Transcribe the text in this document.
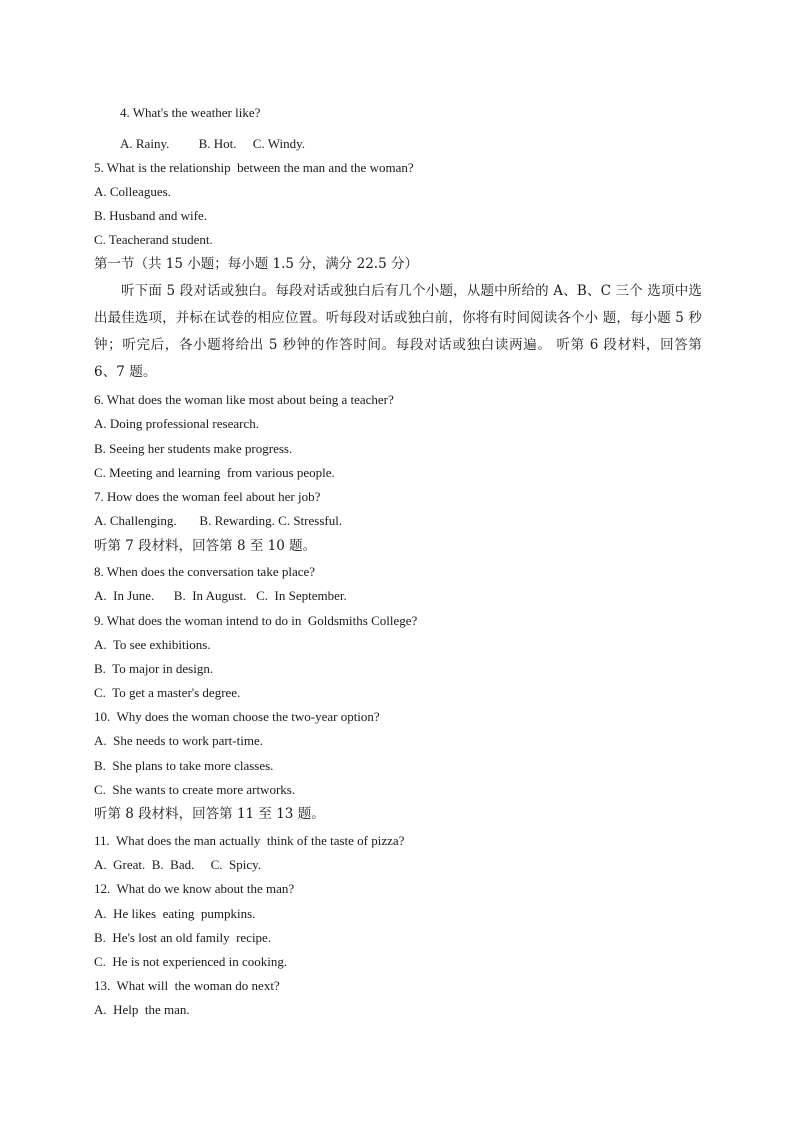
4. What's the weather like?
A. Rainy.         B. Hot.     C. Windy.
5. What is the relationship  between the man and the woman?
A. Colleagues.
B. Husband and wife.
C. Teacherand student.
第一节（共 15 小题；每小题 1.5 分，满分 22.5 分）
听下面 5 段对话或独白。每段对话或独白后有几个小题，从题中所给的 A、B、C 三个 选项中选出最佳选项，并标在试卷的相应位置。听每段对话或独白前，你将有时间阅读各个小 题，每小题 5 秒钟；听完后，各小题将给出 5 秒钟的作答时间。每段对话或独白读两遍。 听第 6 段材料，回答第 6、7 题。
6. What does the woman like most about being a teacher?
A. Doing professional research.
B. Seeing her students make progress.
C. Meeting and learning  from various people.
7. How does the woman feel about her job?
A. Challenging.       B. Rewarding. C. Stressful.
听第 7 段材料，回答第 8 至 10 题。
8. When does the conversation take place?
A.  In June.      B.  In August.   C.  In September.
9. What does the woman intend to do in  Goldsmiths College?
A.  To see exhibitions.
B.  To major in design.
C.  To get a master's degree.
10.  Why does the woman choose the two-year option?
A.  She needs to work part-time.
B.  She plans to take more classes.
C.  She wants to create more artworks.
听第 8 段材料，回答第 11 至 13 题。
11.  What does the man actually  think of the taste of pizza?
A.  Great.  B.  Bad.     C.  Spicy.
12.  What do we know about the man?
A.  He likes  eating  pumpkins.
B.  He's lost an old family  recipe.
C.  He is not experienced in cooking.
13.  What will  the woman do next?
A.  Help  the man.
